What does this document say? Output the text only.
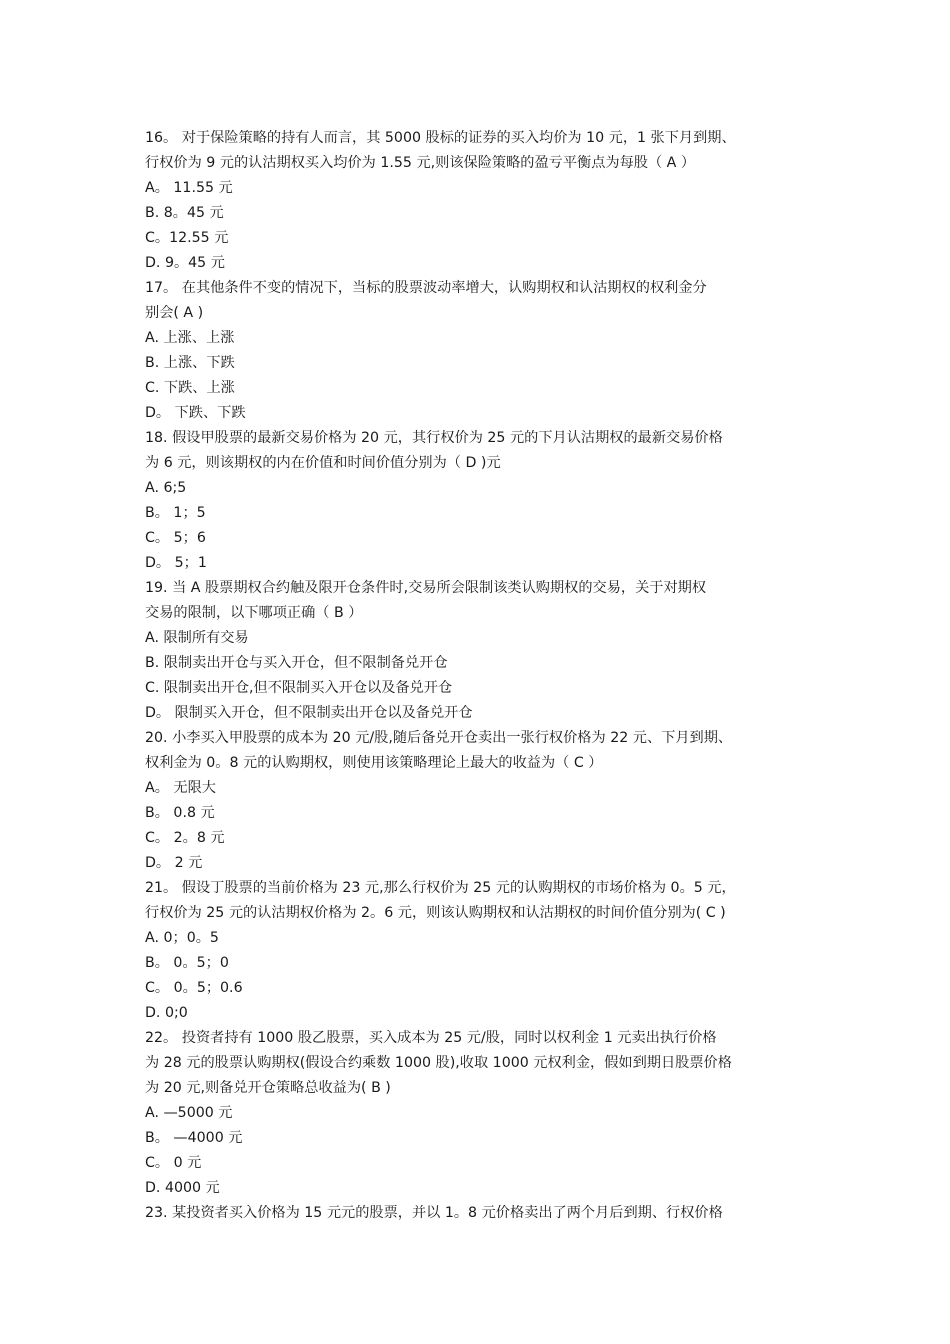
16。 对于保险策略的持有人而言，其 5000 股标的证券的买入均价为 10 元，1 张下月到期、
行权价为 9 元的认沽期权买入均价为 1.55 元,则该保险策略的盈亏平衡点为每股（ A ）
A。 11.55 元
B. 8。45 元
C。12.55 元
D. 9。45 元
17。 在其他条件不变的情况下，当标的股票波动率增大，认购期权和认沽期权的权利金分
别会( A )
A. 上涨、上涨
B. 上涨、下跌
C. 下跌、上涨
D。 下跌、下跌
18. 假设甲股票的最新交易价格为 20 元，其行权价为 25 元的下月认沽期权的最新交易价格
为 6 元，则该期权的内在价值和时间价值分别为（ D )元
A. 6;5
B。 1；5
C。 5；6
D。 5；1
19. 当 A 股票期权合约触及限开仓条件时,交易所会限制该类认购期权的交易，关于对期权
交易的限制，以下哪项正确（ B ）
A. 限制所有交易
B. 限制卖出开仓与买入开仓，但不限制备兑开仓
C. 限制卖出开仓,但不限制买入开仓以及备兑开仓
D。 限制买入开仓，但不限制卖出开仓以及备兑开仓
20. 小李买入甲股票的成本为 20 元/股,随后备兑开仓卖出一张行权价格为 22 元、下月到期、
权利金为 0。8 元的认购期权，则使用该策略理论上最大的收益为（ C ）
A。 无限大
B。 0.8 元
C。 2。8 元
D。 2 元
21。 假设丁股票的当前价格为 23 元,那么行权价为 25 元的认购期权的市场价格为 0。5 元，
行权价为 25 元的认沽期权价格为 2。6 元，则该认购期权和认沽期权的时间价值分别为( C )
A. 0；0。5
B。 0。5；0
C。 0。5；0.6
D. 0;0
22。 投资者持有 1000 股乙股票，买入成本为 25 元/股，同时以权利金 1 元卖出执行价格
为 28 元的股票认购期权(假设合约乘数 1000 股),收取 1000 元权利金，假如到期日股票价格
为 20 元,则备兑开仓策略总收益为( B )
A. —5000 元
B。 —4000 元
C。 0 元
D. 4000 元
23. 某投资者买入价格为 15 元元的股票，并以 1。8 元价格卖出了两个月后到期、行权价格
